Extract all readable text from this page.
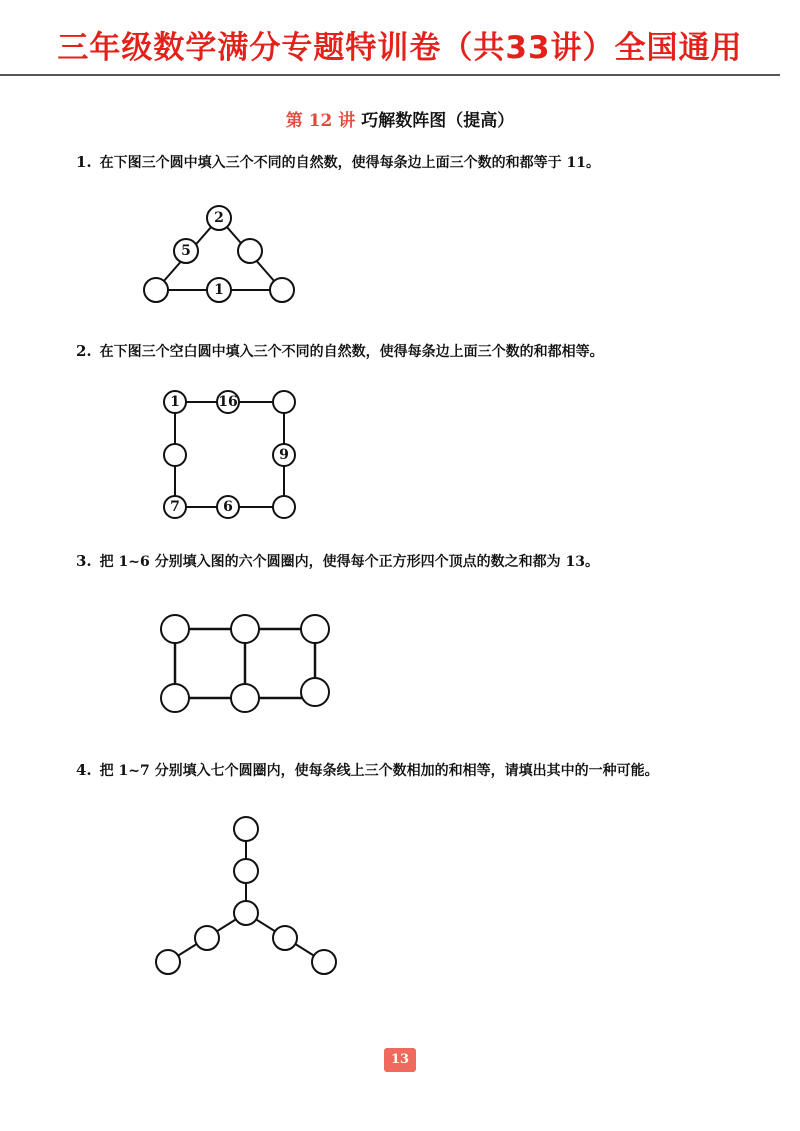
三年级数学满分专题特训卷（共33讲）全国通用
第 12 讲 巧解数阵图（提高）
1. 在下图三个圆中填入三个不同的自然数，使得每条边上面三个数的和都等于 11。
2
5
1
2. 在下图三个空白圆中填入三个不同的自然数，使得每条边上面三个数的和都相等。
1	16
9
7	6
3. 把 1~6 分别填入图的六个圆圈内，使得每个正方形四个顶点的数之和都为 13。
4. 把 1~7 分别填入七个圆圈内，使每条线上三个数相加的和相等，请填出其中的一种可能。
13
